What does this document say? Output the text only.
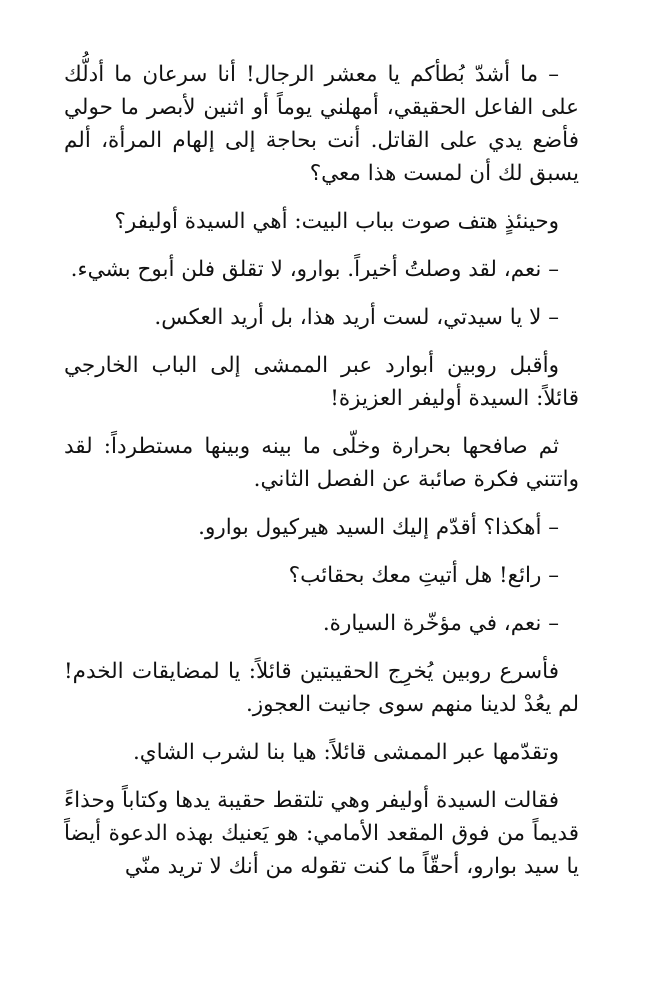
– ما أشدّ بُطأكم يا معشر الرجال! أنا سرعان ما أدلُّك على الفاعل الحقيقي، أمهلني يوماً أو اثنين لأبصر ما حولي فأضع يدي على القاتل. أنت بحاجة إلى إلهام المرأة، ألم يسبق لك أن لمست هذا معي؟

وحينئذٍ هتف صوت بباب البيت: أهي السيدة أوليفر؟

– نعم، لقد وصلتُ أخيراً. بوارو، لا تقلق فلن أبوح بشيء.

– لا يا سيدتي، لست أريد هذا، بل أريد العكس.

وأقبل روبين أبوارد عبر الممشى إلى الباب الخارجي قائلاً: السيدة أوليفر العزيزة!

ثم صافحها بحرارة وخلّى ما بينه وبينها مستطرداً: لقد واتتني فكرة صائبة عن الفصل الثاني.

– أهكذا؟ أقدّم إليك السيد هيركيول بوارو.

– رائع! هل أتيتِ معك بحقائب؟

– نعم، في مؤخّرة السيارة.

فأسرع روبين يُخرِج الحقيبتين قائلاً: يا لمضايقات الخدم! لم يعُدْ لدينا منهم سوى جانيت العجوز.

وتقدّمها عبر الممشى قائلاً: هيا بنا لشرب الشاي.

فقالت السيدة أوليفر وهي تلتقط حقيبة يدها وكتاباً وحذاءً قديماً من فوق المقعد الأمامي: هو يَعنيك بهذه الدعوة أيضاً يا سيد بوارو، أحقّاً ما كنت تقوله من أنك لا تريد منّي
